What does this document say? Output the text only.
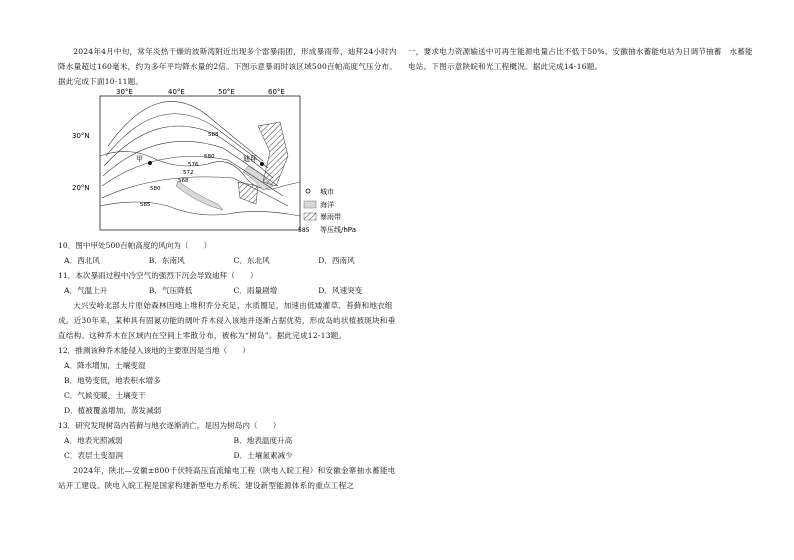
2024年4月中旬，常年炎热干燥的波斯湾附近出现多个雷暴雨团，形成暴雨带，迪拜24小时内降水量超过160毫米，约为多年平均降水量的2倍。下图示意暴雨时该区域500百帕高度气压分布。据此完成下面10-11题。

30°E	40°E	50°E	60°E
30°N
20°N
588
580
576
572
568
580
585
甲	迪拜
城市
海洋
暴雨带
585 等压线/hPa
10．图中甲处500百帕高度的风向为（　　）
A．西北风	B．东南风	C．东北风	D．西南风
11．本次暴雨过程中冷空气的强烈下沉会导致迪拜（　　）
A．气温上升	B．气压降低	C．雨量剧增	D．风速突变

大兴安岭北部大片原始森林因地上堆积乔分充足，水质圈足，加速由低矮灌草、苔藓和地衣组成。近30年来，某种具有固氮功能的阔叶乔木侵入该地并逐渐占据优势，形成岛屿状植被斑块和垂直结构。这种乔木在区域内在空间上零散分布，被称为“树岛”。据此完成12-13题。

12．推测该种乔木能侵入该地的主要原因是当地（　　）
A．降水增加，土壤变湿
B．地势变低，地表积水增多
C．气候变暖，土壤变干
D．植被覆盖增加，蒸发减弱
13．研究发现树岛内苔藓与地衣逐渐消亡，是因为树岛内（　　）
A．地表光照减弱	B．地表温度升高
C．表层土变湿润	D．土壤氮素减少

2024年，陕北—安徽±800千伏特高压直流输电工程（陕电入皖工程）和安徽金寨抽水蓄能电站开工建设。陕电入皖工程是国家构建新型电力系统、建设新型能源体系的重点工程之

一，要求电力资源输送中可再生能源电量占比不低于50%。安徽抽水蓄能电站为日调节抽蓄　水蓄能电站。下图示意陕皖和光工程概况。据此完成14-16题。
